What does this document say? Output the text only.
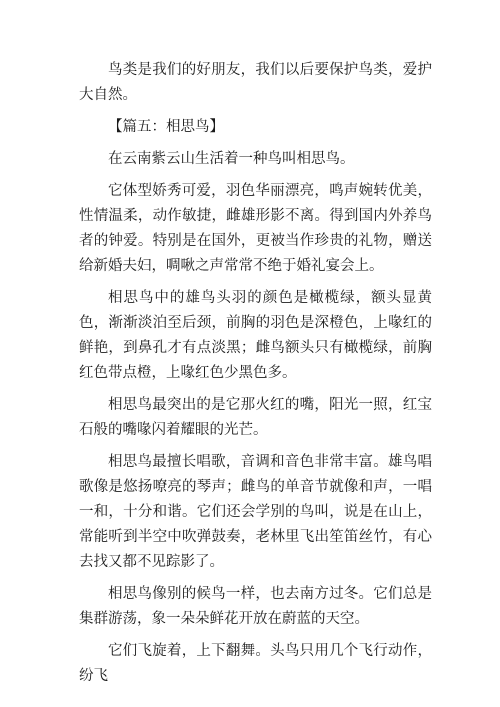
鸟类是我们的好朋友，我们以后要保护鸟类，爱护大自然。

【篇五：相思鸟】

在云南紫云山生活着一种鸟叫相思鸟。

它体型娇秀可爱，羽色华丽漂亮，鸣声婉转优美，性情温柔，动作敏捷，雌雄形影不离。得到国内外养鸟者的钟爱。特别是在国外，更被当作珍贵的礼物，赠送给新婚夫妇，啁啾之声常常不绝于婚礼宴会上。

相思鸟中的雄鸟头羽的颜色是橄榄绿，额头显黄色，渐渐淡泊至后颈，前胸的羽色是深橙色，上喙红的鲜艳，到鼻孔才有点淡黑；雌鸟额头只有橄榄绿，前胸红色带点橙，上喙红色少黑色多。

相思鸟最突出的是它那火红的嘴，阳光一照，红宝石般的嘴喙闪着耀眼的光芒。

相思鸟最擅长唱歌，音调和音色非常丰富。雄鸟唱歌像是悠扬嘹亮的琴声；雌鸟的单音节就像和声，一唱一和，十分和谐。它们还会学别的鸟叫，说是在山上，常能听到半空中吹弹鼓奏，老林里飞出笙笛丝竹，有心去找又都不见踪影了。

相思鸟像别的候鸟一样，也去南方过冬。它们总是集群游荡，象一朵朵鲜花开放在蔚蓝的天空。

它们飞旋着，上下翻舞。头鸟只用几个飞行动作，纷飞
